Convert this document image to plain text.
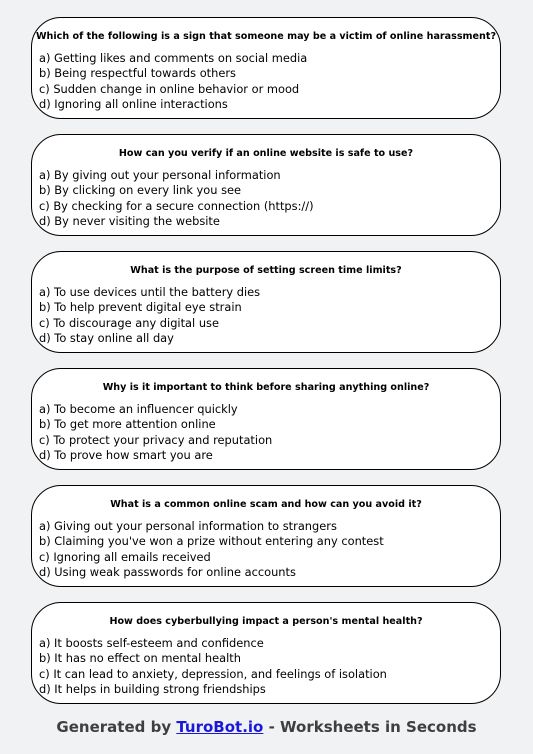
Which of the following is a sign that someone may be a victim of online harassment?
a) Getting likes and comments on social media
b) Being respectful towards others
c) Sudden change in online behavior or mood
d) Ignoring all online interactions
How can you verify if an online website is safe to use?
a) By giving out your personal information
b) By clicking on every link you see
c) By checking for a secure connection (https://)
d) By never visiting the website
What is the purpose of setting screen time limits?
a) To use devices until the battery dies
b) To help prevent digital eye strain
c) To discourage any digital use
d) To stay online all day
Why is it important to think before sharing anything online?
a) To become an influencer quickly
b) To get more attention online
c) To protect your privacy and reputation
d) To prove how smart you are
What is a common online scam and how can you avoid it?
a) Giving out your personal information to strangers
b) Claiming you've won a prize without entering any contest
c) Ignoring all emails received
d) Using weak passwords for online accounts
How does cyberbullying impact a person's mental health?
a) It boosts self-esteem and confidence
b) It has no effect on mental health
c) It can lead to anxiety, depression, and feelings of isolation
d) It helps in building strong friendships
Generated by TuroBot.io - Worksheets in Seconds
